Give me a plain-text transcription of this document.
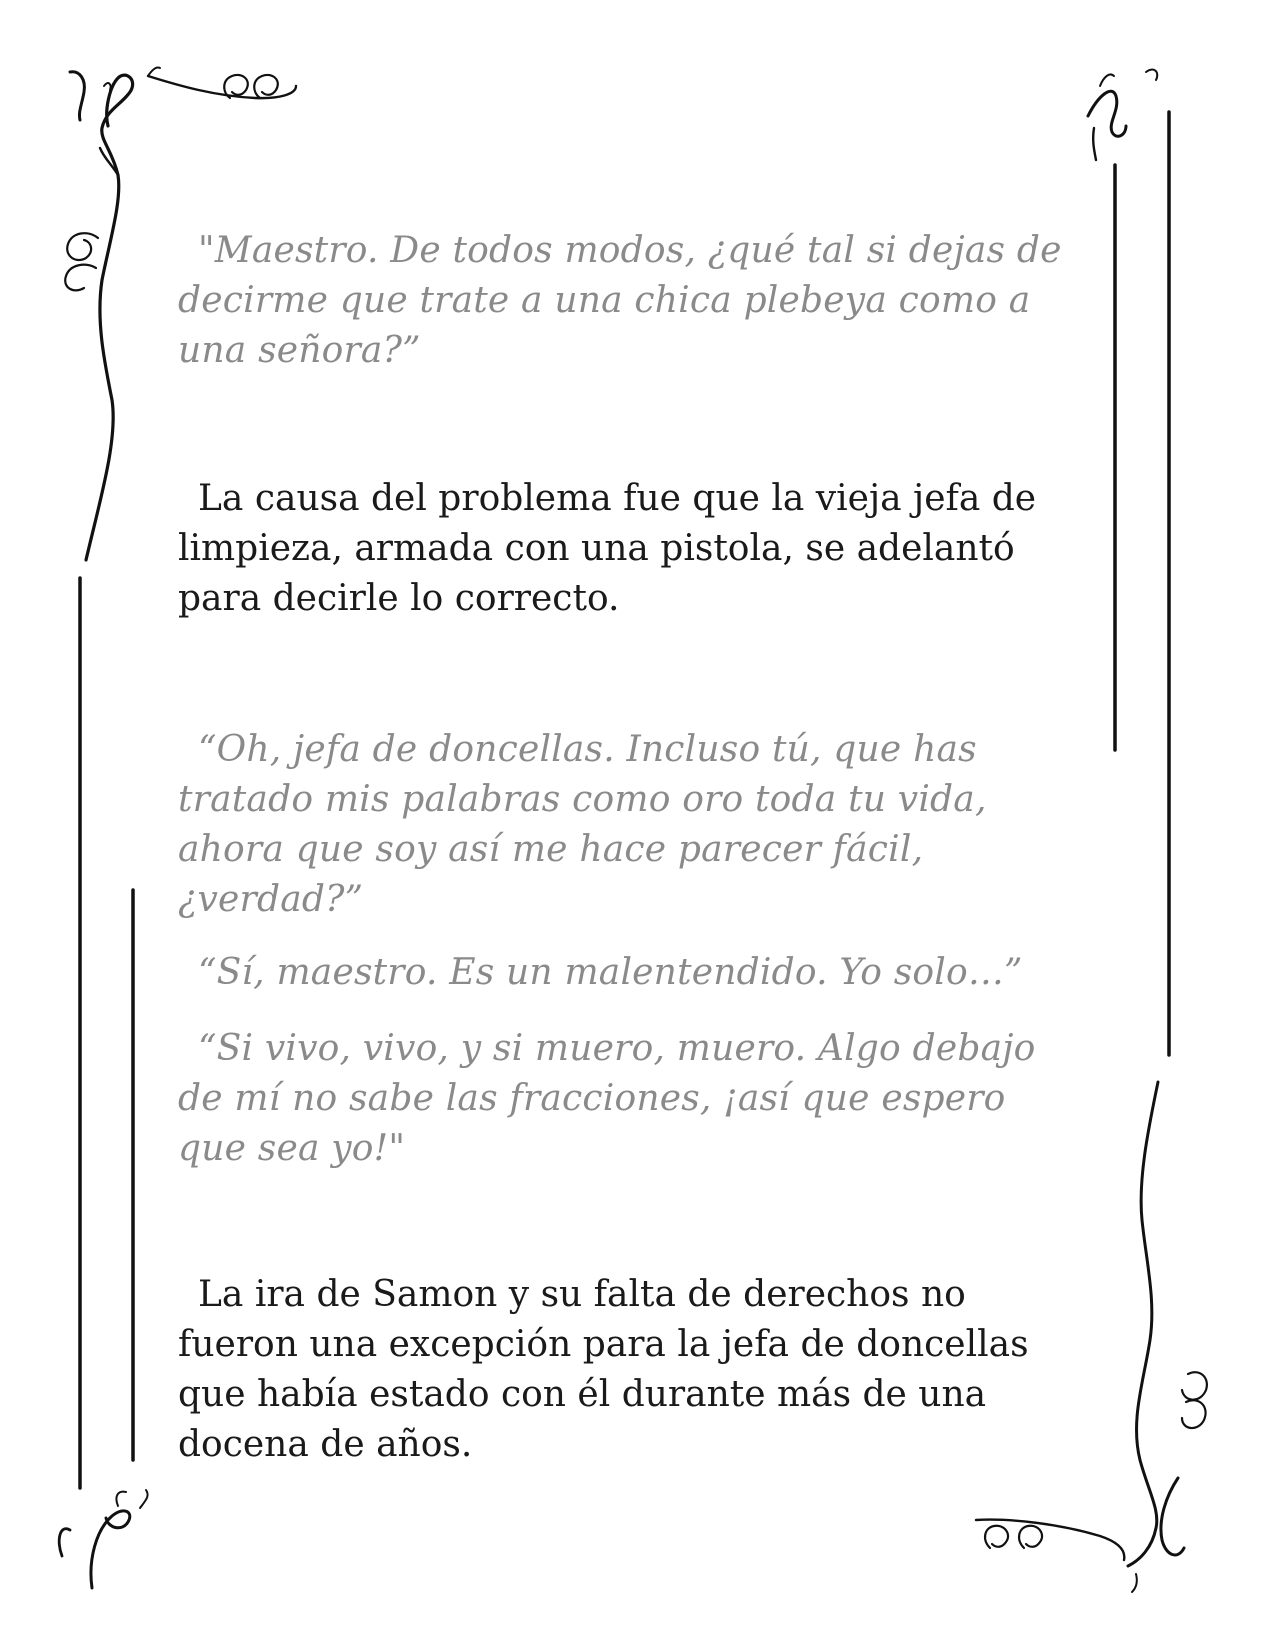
"Maestro. De todos modos, ¿qué tal si dejas de decirme que trate a una chica plebeya como a una señora?”

La causa del problema fue que la vieja jefa de limpieza, armada con una pistola, se adelantó para decirle lo correcto.

“Oh, jefa de doncellas. Incluso tú, que has tratado mis palabras como oro toda tu vida, ahora que soy así me hace parecer fácil, ¿verdad?”

“Sí, maestro. Es un malentendido. Yo solo…”

“Si vivo, vivo, y si muero, muero. Algo debajo de mí no sabe las fracciones, ¡así que espero que sea yo!"

La ira de Samon y su falta de derechos no fueron una excepción para la jefa de doncellas que había estado con él durante más de una docena de años.
